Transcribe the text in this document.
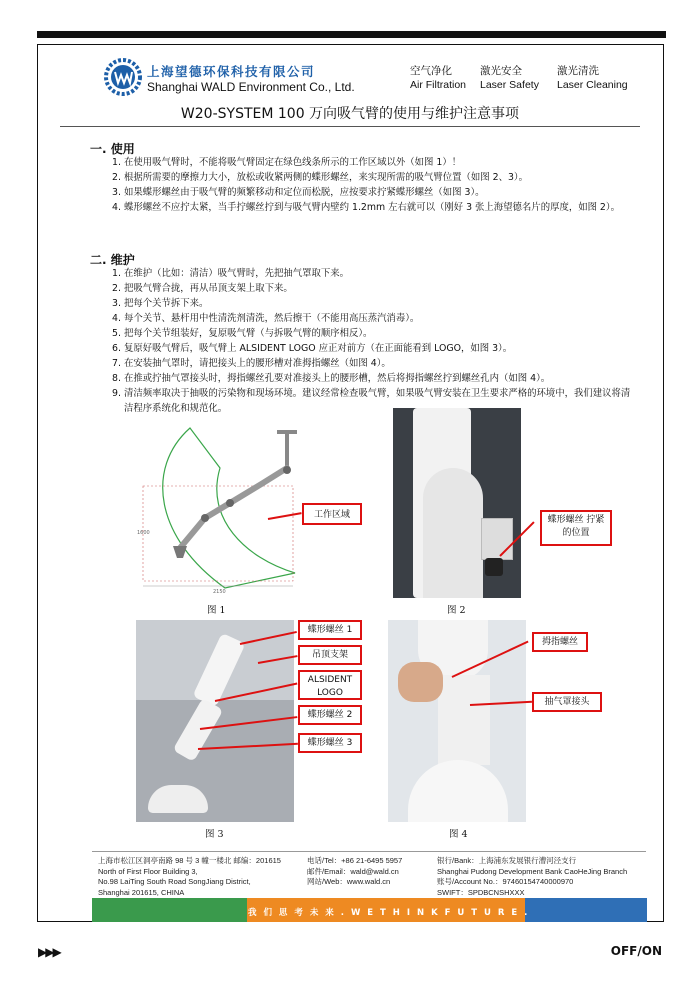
上海望德环保科技有限公司
Shanghai WALD Environment Co., Ltd.
空气净化
Air Filtration
激光安全
Laser Safety
激光清洗
Laser Cleaning
W20-SYSTEM 100 万向吸气臂的使用与维护注意事项
一. 使用
1. 在使用吸气臂时，不能将吸气臂固定在绿色线条所示的工作区域以外（如图 1）！
2. 根据所需要的摩擦力大小，放松或收紧两侧的蝶形螺丝，来实现所需的吸气臂位置（如图 2、3）。
3. 如果蝶形螺丝由于吸气臂的频繁移动和定位而松脱，应按要求拧紧蝶形螺丝（如图 3）。
4. 蝶形螺丝不应拧太紧，当手拧螺丝拧到与吸气臂内壁约 1.2mm 左右就可以（刚好 3 张上海望德名片的厚度，如图 2）。
二. 维护
1. 在维护（比如：清洁）吸气臂时，先把抽气罩取下来。
2. 把吸气臂合拢，再从吊顶支架上取下来。
3. 把每个关节拆下来。
4. 每个关节、悬杆用中性清洗剂清洗，然后擦干（不能用高压蒸汽消毒）。
5. 把每个关节组装好，复原吸气臂（与拆吸气臂的顺序相反）。
6. 复原好吸气臂后，吸气臂上 ALSIDENT LOGO 应正对前方（在正面能看到 LOGO，如图 3）。
7. 在安装抽气罩时，请把接头上的腰形槽对准拇指螺丝（如图 4）。
8. 在推或拧抽气罩接头时，拇指螺丝孔要对准接头上的腰形槽，然后将拇指螺丝拧到螺丝孔内（如图 4）。
9. 清洁频率取决于抽吸的污染物和现场环境。建议经常检查吸气臂，如果吸气臂安装在卫生要求严格的环境中，我们建议将清洁程序系统化和规范化。
2150
1600
工作区域
图 1
蝶形螺丝 拧紧的位置
图 2
蝶形螺丝 1
吊顶支架
ALSIDENT LOGO
蝶形螺丝 2
蝶形螺丝 3
图 3
拇指螺丝
抽气罩接头
图 4
上海市松江区洞亭南路 98 号 3 幢一楼北 邮编：201615
North of First Floor Building 3,
No.98 LaiTing South Road SongJiang District,
Shanghai 201615, CHINA
电话/Tel：+86 21-6495 5957
邮件/Email：wald@wald.cn
网站/Web：www.wald.cn
银行/Bank：上海浦东发展银行漕河泾支行
Shanghai Pudong Development Bank CaoHeJing Branch
账号/Account No.：97460154740000970
SWIFT：SPDBCNSHXXX
我 们 思 考 未 来 . W E T H I N K F U T U R E .
▶▶▶	OFF/ON
